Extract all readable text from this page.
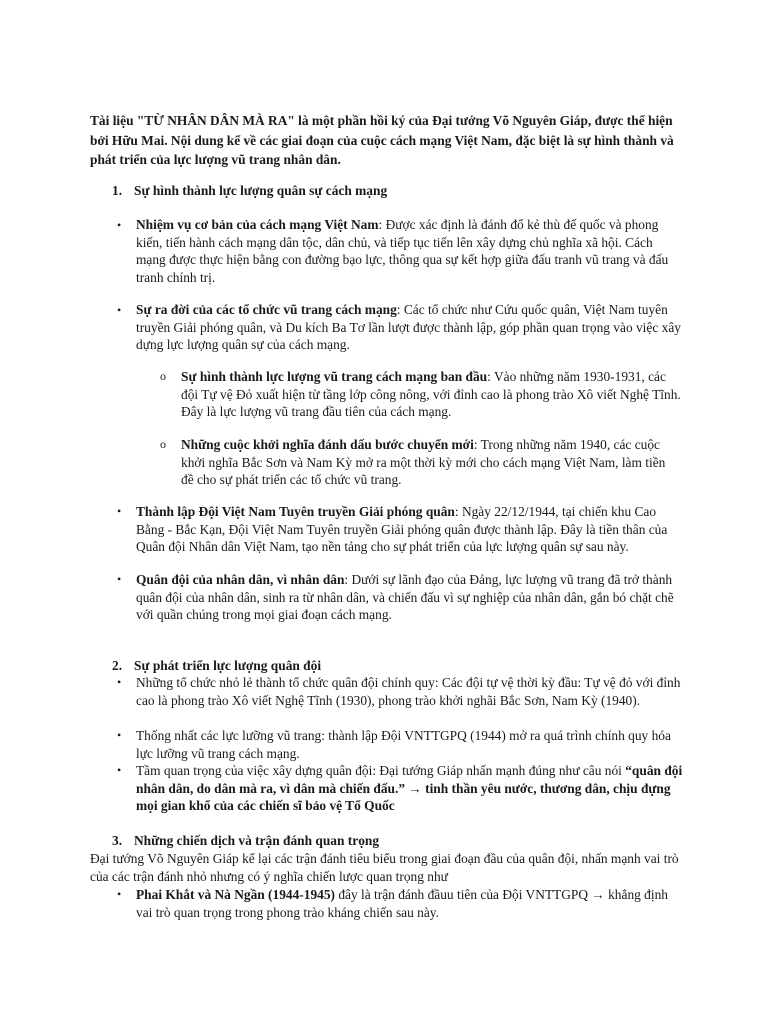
Tài liệu "TỪ NHÂN DÂN MÀ RA" là một phần hồi ký của Đại tướng Võ Nguyên Giáp, được thể hiện bởi Hữu Mai. Nội dung kể về các giai đoạn của cuộc cách mạng Việt Nam, đặc biệt là sự hình thành và phát triển của lực lượng vũ trang nhân dân.
1. Sự hình thành lực lượng quân sự cách mạng
• Nhiệm vụ cơ bản của cách mạng Việt Nam: Được xác định là đánh đổ kẻ thù đế quốc và phong kiến, tiến hành cách mạng dân tộc, dân chủ, và tiếp tục tiến lên xây dựng chủ nghĩa xã hội. Cách mạng được thực hiện bằng con đường bạo lực, thông qua sự kết hợp giữa đấu tranh vũ trang và đấu tranh chính trị.
• Sự ra đời của các tổ chức vũ trang cách mạng: Các tổ chức như Cứu quốc quân, Việt Nam tuyên truyền Giải phóng quân, và Du kích Ba Tơ lần lượt được thành lập, góp phần quan trọng vào việc xây dựng lực lượng quân sự của cách mạng.
o Sự hình thành lực lượng vũ trang cách mạng ban đầu: Vào những năm 1930-1931, các đội Tự vệ Đỏ xuất hiện từ tầng lớp công nông, với đỉnh cao là phong trào Xô viết Nghệ Tĩnh. Đây là lực lượng vũ trang đầu tiên của cách mạng.
o Những cuộc khởi nghĩa đánh dấu bước chuyển mới: Trong những năm 1940, các cuộc khởi nghĩa Bắc Sơn và Nam Kỳ mở ra một thời kỳ mới cho cách mạng Việt Nam, làm tiền đề cho sự phát triển các tổ chức vũ trang.
• Thành lập Đội Việt Nam Tuyên truyền Giải phóng quân: Ngày 22/12/1944, tại chiến khu Cao Bằng - Bắc Kạn, Đội Việt Nam Tuyên truyền Giải phóng quân được thành lập. Đây là tiền thân của Quân đội Nhân dân Việt Nam, tạo nền tảng cho sự phát triển của lực lượng quân sự sau này.
• Quân đội của nhân dân, vì nhân dân: Dưới sự lãnh đạo của Đảng, lực lượng vũ trang đã trở thành quân đội của nhân dân, sinh ra từ nhân dân, và chiến đấu vì sự nghiệp của nhân dân, gắn bó chặt chẽ với quần chúng trong mọi giai đoạn cách mạng.
2. Sự phát triển lực lượng quân đội
• Những tổ chức nhỏ lẻ thành tổ chức quân đội chính quy: Các đội tự vệ thời kỳ đầu: Tự vệ đỏ với đỉnh cao là phong trào Xô viết Nghệ Tĩnh (1930), phong trào khởi nghãi Bắc Sơn, Nam Kỳ (1940).
• Thống nhất các lực lưỡng vũ trang: thành lập Đội VNTTGPQ (1944) mở ra quá trình chính quy hóa lực lưỡng vũ trang cách mạng.
• Tầm quan trọng của việc xây dựng quân đội: Đại tướng Giáp nhấn mạnh đúng như câu nói “quân đội nhân dân, do dân mà ra, vì dân mà chiến đấu.” → tinh thần yêu nước, thương dân, chịu đựng mọi gian khổ của các chiến sĩ bảo vệ Tổ Quốc
3. Những chiến dịch và trận đánh quan trọng
Đại tướng Võ Nguyên Giáp kể lại các trận đánh tiêu biểu trong giai đoạn đầu của quân đội, nhấn mạnh vai trò của các trận đánh nhỏ nhưng có ý nghĩa chiến lược quan trọng như
• Phai Khắt và Nà Ngần (1944-1945) đây là trận đánh đầuu tiên của Đội VNTTGPQ → khẳng định vai trò quan trọng trong phong trào kháng chiến sau này.
